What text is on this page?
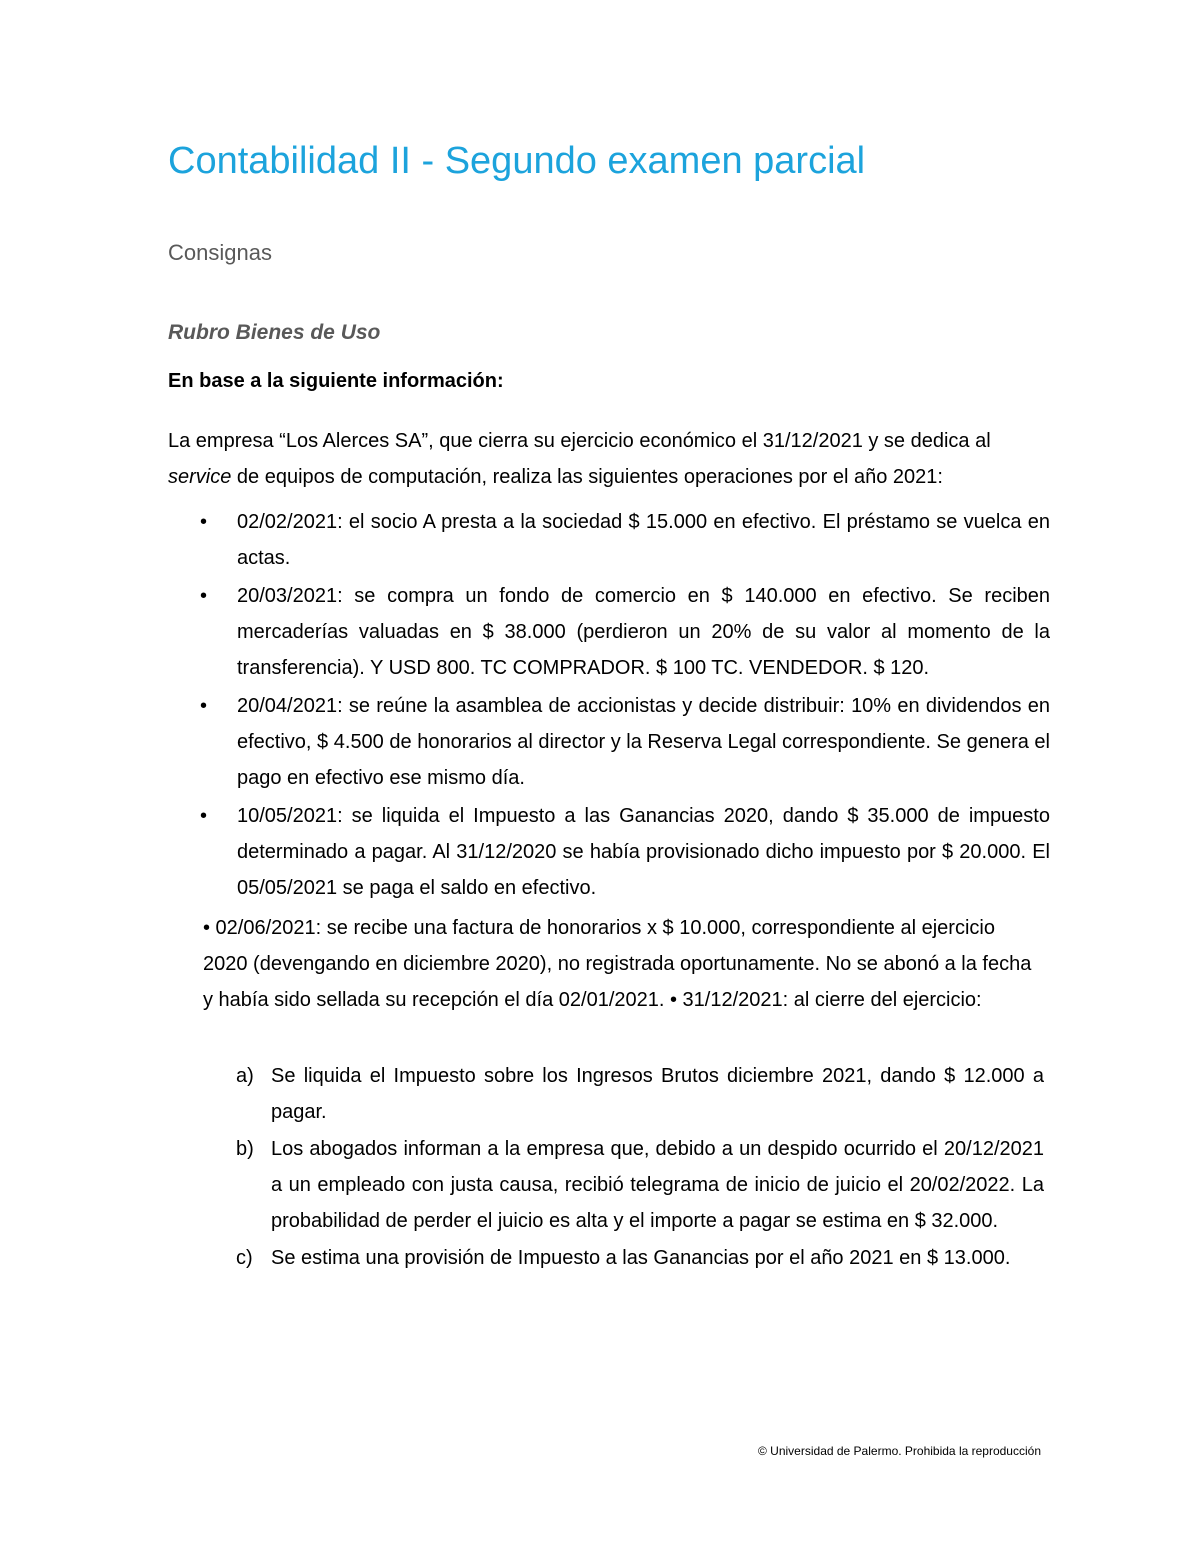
Contabilidad II - Segundo examen parcial
Consignas
Rubro Bienes de Uso

En base a la siguiente información:

La empresa “Los Alerces SA”, que cierra su ejercicio económico el 31/12/2021 y se dedica al service de equipos de computación, realiza las siguientes operaciones por el año 2021:

• 02/02/2021: el socio A presta a la sociedad $ 15.000 en efectivo. El préstamo se vuelca en actas.

• 20/03/2021: se compra un fondo de comercio en $ 140.000 en efectivo. Se reciben mercaderías valuadas en $ 38.000 (perdieron un 20% de su valor al momento de la transferencia). Y USD 800. TC COMPRADOR. $ 100 TC. VENDEDOR. $ 120.

• 20/04/2021: se reúne la asamblea de accionistas y decide distribuir: 10% en dividendos en efectivo, $ 4.500 de honorarios al director y la Reserva Legal correspondiente. Se genera el pago en efectivo ese mismo día.

• 10/05/2021: se liquida el Impuesto a las Ganancias 2020, dando $ 35.000 de impuesto determinado a pagar. Al 31/12/2020 se había provisionado dicho impuesto por $ 20.000. El 05/05/2021 se paga el saldo en efectivo.

• 02/06/2021: se recibe una factura de honorarios x $ 10.000, correspondiente al ejercicio 2020 (devengando en diciembre 2020), no registrada oportunamente. No se abonó a la fecha y había sido sellada su recepción el día 02/01/2021. • 31/12/2021: al cierre del ejercicio:

a) Se liquida el Impuesto sobre los Ingresos Brutos diciembre 2021, dando $ 12.000 a pagar.

b) Los abogados informan a la empresa que, debido a un despido ocurrido el 20/12/2021 a un empleado con justa causa, recibió telegrama de inicio de juicio el 20/02/2022. La probabilidad de perder el juicio es alta y el importe a pagar se estima en $ 32.000.

c) Se estima una provisión de Impuesto a las Ganancias por el año 2021 en $ 13.000.

© Universidad de Palermo. Prohibida la reproducción
